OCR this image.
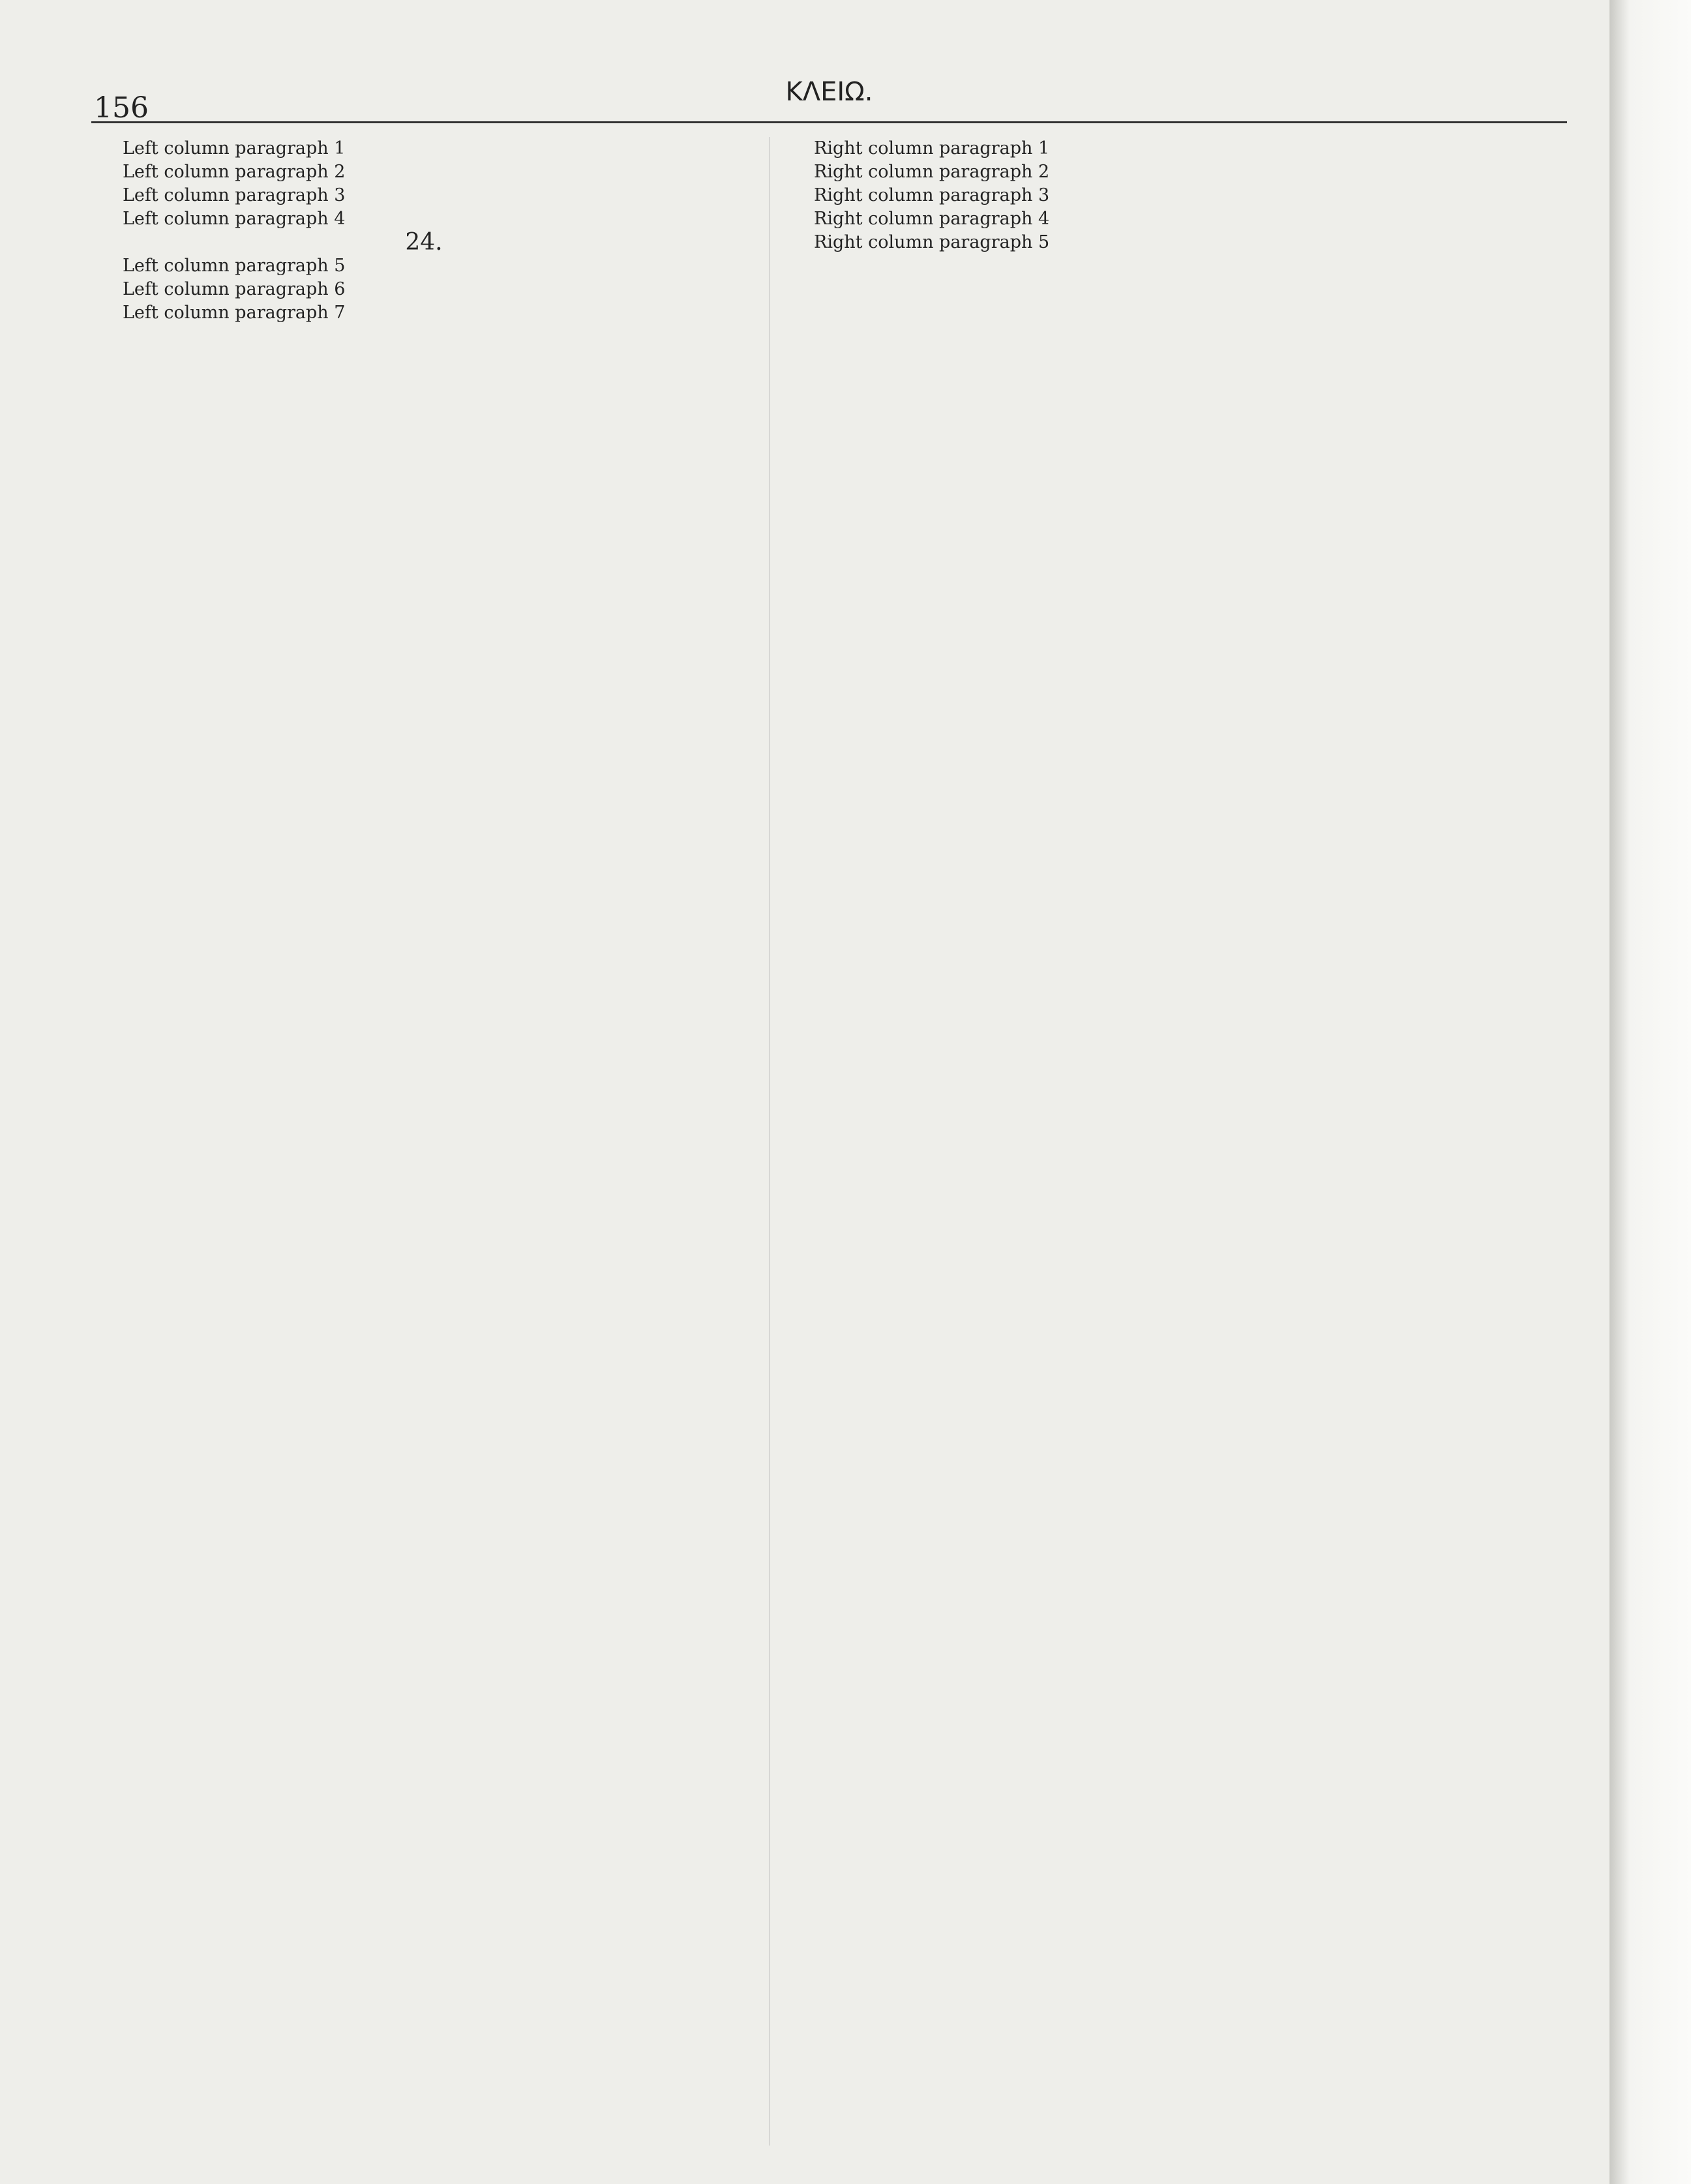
156	ΚΛΕΙΩ.

Left column paragraph 1

Left column paragraph 2

Left column paragraph 3

Left column paragraph 4

24.

Left column paragraph 5

Left column paragraph 6

Left column paragraph 7

Right column paragraph 1

Right column paragraph 2

Right column paragraph 3

Right column paragraph 4

Right column paragraph 5
